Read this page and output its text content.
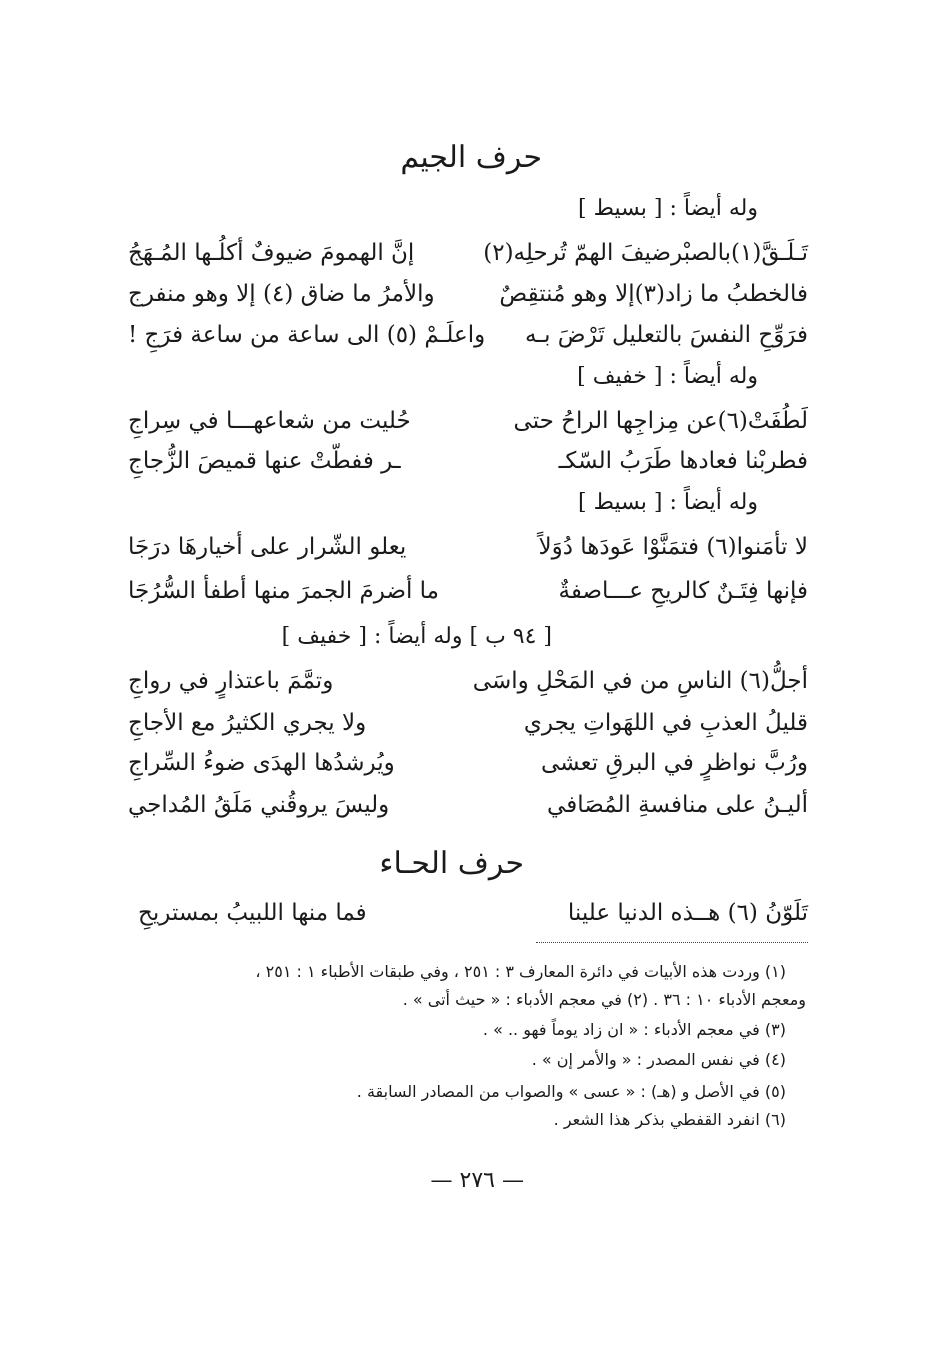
حرف الجيم
وله أيضاً : [ بسيط ]
تَـلَـقَّ(١)بالصبْرضيفَ الهمّ تُرحلِه(٢)
إنَّ الهمومَ ضيوفٌ أكلُـها المُـهَجُ
فالخطبُ ما زاد(٣)إلا وهو مُنتقِصٌ
والأمرُ ما ضاق (٤) إلا وهو منفرج
فرَوِّحِ النفسَ بالتعليل تَرْضَ بـه
واعلَـمْ (٥) الى ساعة من ساعة فرَجِ !
وله أيضاً : [ خفيف ]
لَطُفَتْ(٦)عن مِزاجِها الراحُ حتى
حُليت من شعاعهـــا في سِراجِ
فطربْنا فعادها طَرَبُ السّكـ
ـر ففطّتْ عنها قميصَ الزُّجاجِ
وله أيضاً : [ بسيط ]
لا تأمَنوا(٦) فتمَنَّوْا عَودَها دُوَلاً
يعلو الشّرار على أخيارهَا درَجَا
فإنها فِتَـنٌ كالريحِ عـــاصفةٌ
ما أضرمَ الجمرَ منها أطفأ السُّرُجَا
[ ٩٤ ب ] وله أيضاً : [ خفيف ]
أجلُّ(٦) الناسِ من في المَحْلِ واسَى
وتمَّمَ باعتذارٍ في رواجِ
قليلُ العذبِ في اللهَواتِ يجري
ولا يجري الكثيرُ مع الأجاجِ
ورُبَّ نواظرٍ في البرقِ تعشى
ويُرشدُها الهدَى ضوءُ السِّراجِ
أليـنُ على منافسةِ المُصَافي
وليسَ يروقُني مَلَقُ المُداجي
حرف الحـاء
تَلَوّنُ (٦) هــذه الدنيا علينا
فما منها اللبيبُ بمستريحِ
(١) وردت هذه الأبيات في دائرة المعارف ٣ : ٢٥١ ، وفي طبقات الأطباء ١ : ٢٥١ ،
ومعجم الأدباء ١٠ : ٣٦ . (٢) في معجم الأدباء : « حيث أتى » .
(٣) في معجم الأدباء : « ان زاد يوماً فهو .. » .
(٤) في نفس المصدر : « والأمر إن » .
(٥) في الأصل و (هـ) : « عسى » والصواب من المصادر السابقة .
(٦) انفرد القفطي بذكر هذا الشعر .
— ٢٧٦ —
